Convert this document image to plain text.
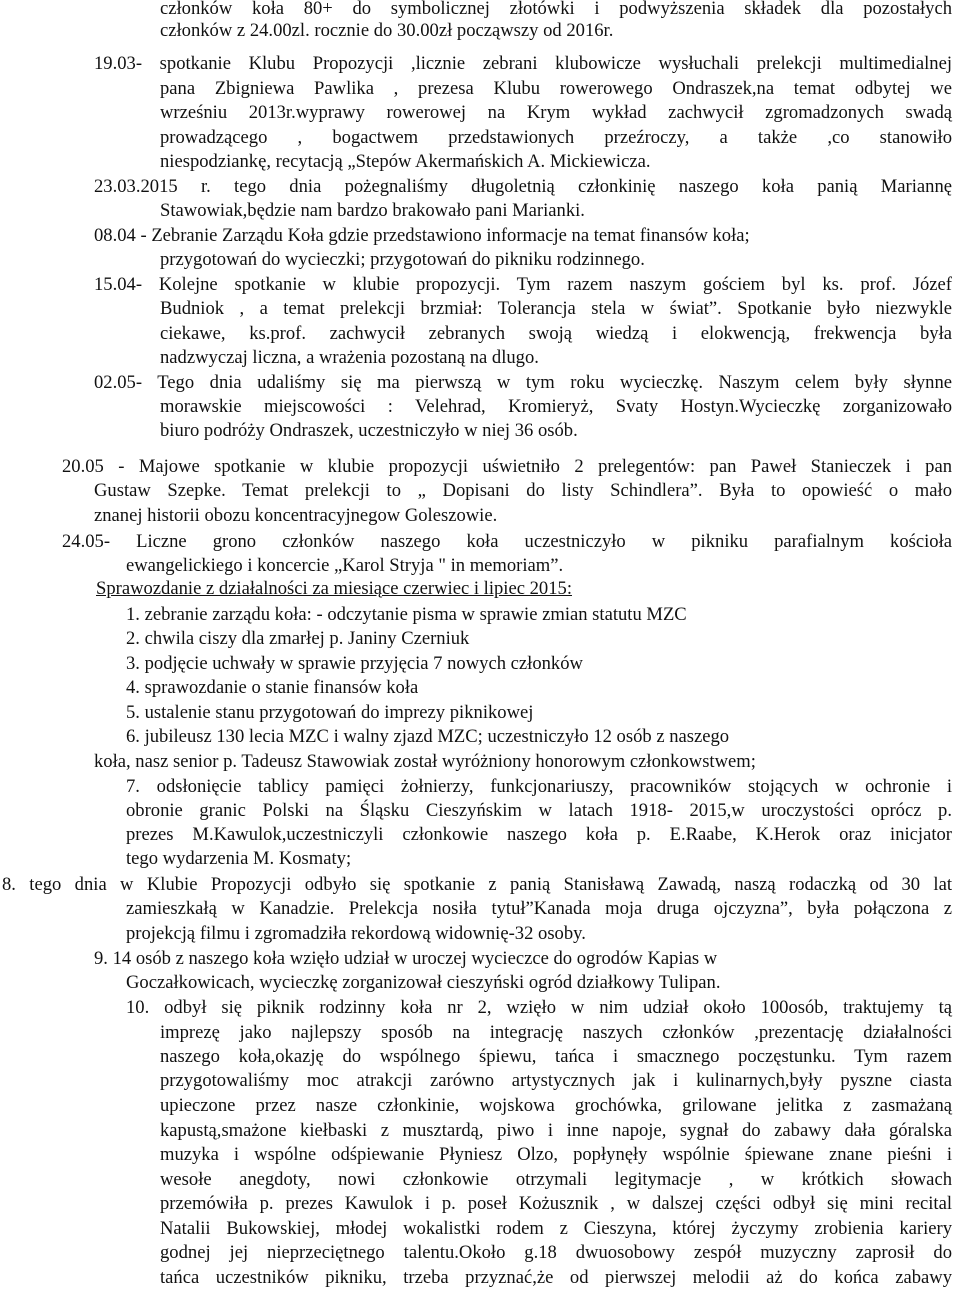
członków koła 80+ do symbolicznej złotówki i podwyższenia składek dla pozostałych
członków z 24.00zl. rocznie do 30.00zł począwszy od 2016r.
19.03- spotkanie Klubu Propozycji ,licznie zebrani klubowicze wysłuchali prelekcji multimedialnej
pana Zbigniewa Pawlika , prezesa Klubu rowerowego Ondraszek,na temat odbytej we
wrześniu 2013r.wyprawy rowerowej na Krym wykład zachwycił zgromadzonych swadą
prowadzącego , bogactwem przedstawionych przeźroczy, a także ,co stanowiło
niespodziankę, recytacją „Stepów Akermańskich A. Mickiewicza.
23.03.2015 r. tego dnia pożegnaliśmy długoletnią członkinię naszego koła panią Mariannę
Stawowiak,będzie nam bardzo brakowało pani Marianki.
08.04 - Zebranie Zarządu Koła gdzie przedstawiono informacje na temat finansów koła;
przygotowań do wycieczki; przygotowań do pikniku rodzinnego.
15.04- Kolejne spotkanie w klubie propozycji. Tym razem naszym gościem byl ks. prof. Józef
Budniok , a temat prelekcji brzmiał: Tolerancja stela w świat”. Spotkanie było niezwykle
ciekawe, ks.prof. zachwycił zebranych swoją wiedzą i elokwencją, frekwencja była
nadzwyczaj liczna, a wrażenia pozostaną na dlugo.
02.05- Tego dnia udaliśmy się ma pierwszą w tym roku wycieczkę. Naszym celem były słynne
morawskie miejscowości : Velehrad, Kromieryż, Svaty Hostyn.Wycieczkę zorganizowało
biuro podróży Ondraszek, uczestniczyło w niej 36 osób.
20.05 - Majowe spotkanie w klubie propozycji uświetniło 2 prelegentów: pan Paweł Stanieczek i pan
Gustaw Szepke. Temat prelekcji to „ Dopisani do listy Schindlera”. Była to opowieść o mało
znanej historii obozu koncentracyjnegow Goleszowie.
24.05- Liczne grono członków naszego koła uczestniczyło w pikniku parafialnym kościoła
ewangelickiego i koncercie „Karol Stryja " in memoriam”.
Sprawozdanie z działalności za miesiące czerwiec i lipiec 2015:
1. zebranie zarządu koła: - odczytanie pisma w sprawie zmian statutu MZC
2. chwila ciszy dla zmarłej p. Janiny Czerniuk
3. podjęcie uchwały w sprawie przyjęcia 7 nowych członków
4. sprawozdanie o stanie finansów koła
5. ustalenie stanu przygotowań do imprezy piknikowej
6. jubileusz 130 lecia MZC i walny zjazd MZC; uczestniczyło 12 osób z naszego
koła, nasz senior p. Tadeusz Stawowiak został wyróżniony honorowym członkowstwem;
7. odsłonięcie tablicy pamięci żołnierzy, funkcjonariuszy, pracowników stojących w ochronie i
obronie granic Polski na Śląsku Cieszyńskim w latach 1918- 2015,w uroczystości oprócz p.
prezes M.Kawulok,uczestniczyli członkowie naszego koła p. E.Raabe, K.Herok oraz inicjator
tego wydarzenia M. Kosmaty;
8. tego dnia w Klubie Propozycji odbyło się spotkanie z panią Stanisławą Zawadą, naszą rodaczką od 30 lat
zamieszkałą w Kanadzie. Prelekcja nosiła tytuł”Kanada moja druga ojczyzna”, była połączona z
projekcją filmu i zgromadziła rekordową widownię-32 osoby.
9. 14 osób z naszego koła wzięło udział w uroczej wycieczce do ogrodów Kapias w
Goczałkowicach, wycieczkę zorganizował cieszyński ogród działkowy Tulipan.
10. odbył się piknik rodzinny koła nr 2, wzięło w nim udział około 100osób, traktujemy tą
imprezę jako najlepszy sposób na integrację naszych członków ,prezentację działalności
naszego koła,okazję do wspólnego śpiewu, tańca i smacznego poczęstunku. Tym razem
przygotowaliśmy moc atrakcji zarówno artystycznych jak i kulinarnych,były pyszne ciasta
upieczone przez nasze członkinie, wojskowa grochówka, grilowane jelitka z zasmażaną
kapustą,smażone kiełbaski z musztardą, piwo i inne napoje, sygnał do zabawy dała góralska
muzyka i wspólne odśpiewanie Płyniesz Olzo, popłynęły wspólnie śpiewane znane pieśni i
wesołe anegdoty, nowi członkowie otrzymali legitymacje , w krótkich słowach
przemówiła p. prezes Kawulok i p. poseł Kożusznik , w dalszej części odbył się mini recital
Natalii Bukowskiej, młodej wokalistki rodem z Cieszyna, której życzymy zrobienia kariery
godnej jej nieprzeciętnego talentu.Około g.18 dwuosobowy zespół muzyczny zaprosił do
tańca uczestników pikniku, trzeba przyznać,że od pierwszej melodii aż do końca zabawy
